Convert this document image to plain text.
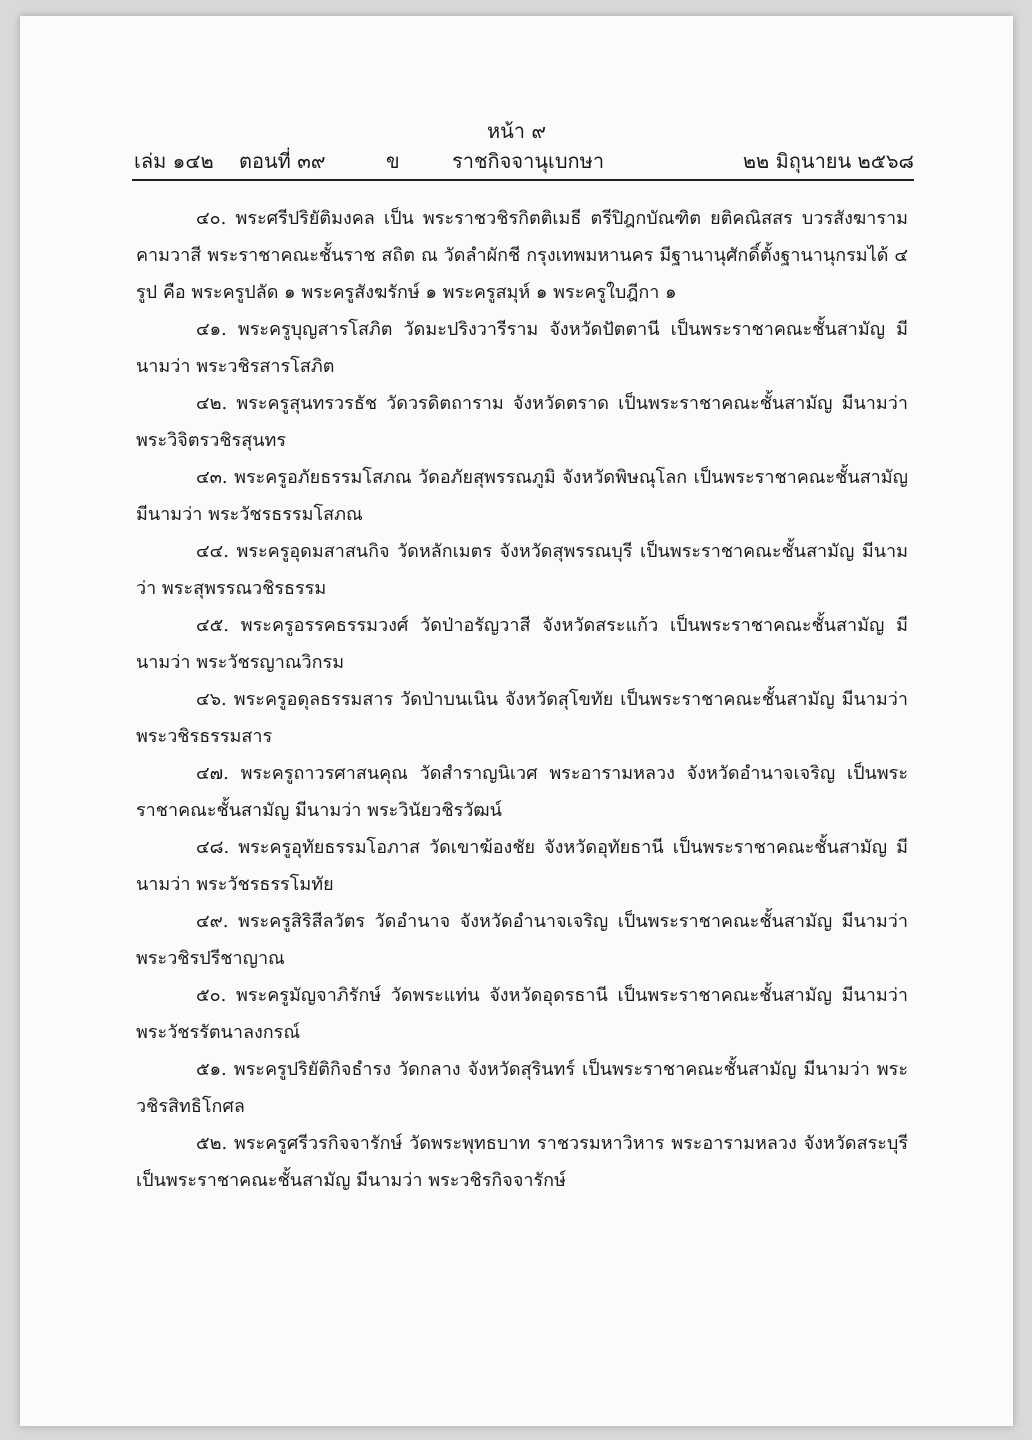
หน้า ๙
เล่ม ๑๔๒ ตอนที่ ๓๙	ข	ราชกิจจานุเบกษา	๒๒ มิถุนายน ๒๕๖๘

๔๐. พระศรีปริยัติมงคล เป็น พระราชวชิรกิตติเมธี ตรีปิฎกบัณฑิต ยติคณิสสร บวรสังฆาราม คามวาสี พระราชาคณะชั้นราช สถิต ณ วัดลำผักชี กรุงเทพมหานคร มีฐานานุศักดิ์ตั้งฐานานุกรมได้ ๔ รูป คือ พระครูปลัด ๑ พระครูสังฆรักษ์ ๑ พระครูสมุห์ ๑ พระครูใบฎีกา ๑

๔๑. พระครูบุญสารโสภิต วัดมะปริงวารีราม จังหวัดปัตตานี เป็นพระราชาคณะชั้นสามัญ มีนามว่า พระวชิรสารโสภิต

๔๒. พระครูสุนทรวรธัช วัดวรดิตถาราม จังหวัดตราด เป็นพระราชาคณะชั้นสามัญ มีนามว่า พระวิจิตรวชิรสุนทร

๔๓. พระครูอภัยธรรมโสภณ วัดอภัยสุพรรณภูมิ จังหวัดพิษณุโลก เป็นพระราชาคณะชั้นสามัญ มีนามว่า พระวัชรธรรมโสภณ

๔๔. พระครูอุดมสาสนกิจ วัดหลักเมตร จังหวัดสุพรรณบุรี เป็นพระราชาคณะชั้นสามัญ มีนามว่า พระสุพรรณวชิรธรรม

๔๕. พระครูอรรคธรรมวงศ์ วัดป่าอรัญวาสี จังหวัดสระแก้ว เป็นพระราชาคณะชั้นสามัญ มีนามว่า พระวัชรญาณวิกรม

๔๖. พระครูอดุลธรรมสาร วัดป่าบนเนิน จังหวัดสุโขทัย เป็นพระราชาคณะชั้นสามัญ มีนามว่า พระวชิรธรรมสาร

๔๗. พระครูถาวรศาสนคุณ วัดสำราญนิเวศ พระอารามหลวง จังหวัดอำนาจเจริญ เป็นพระราชาคณะชั้นสามัญ มีนามว่า พระวินัยวชิรวัฒน์

๔๘. พระครูอุทัยธรรมโอภาส วัดเขาฆ้องชัย จังหวัดอุทัยธานี เป็นพระราชาคณะชั้นสามัญ มีนามว่า พระวัชรธรรโมทัย

๔๙. พระครูสิริสีลวัตร วัดอำนาจ จังหวัดอำนาจเจริญ เป็นพระราชาคณะชั้นสามัญ มีนามว่า พระวชิรปรีชาญาณ

๕๐. พระครูมัญจาภิรักษ์ วัดพระแท่น จังหวัดอุดรธานี เป็นพระราชาคณะชั้นสามัญ มีนามว่า พระวัชรรัตนาลงกรณ์

๕๑. พระครูปริยัติกิจธำรง วัดกลาง จังหวัดสุรินทร์ เป็นพระราชาคณะชั้นสามัญ มีนามว่า พระวชิรสิทธิโกศล

๕๒. พระครูศรีวรกิจจารักษ์ วัดพระพุทธบาท ราชวรมหาวิหาร พระอารามหลวง จังหวัดสระบุรี เป็นพระราชาคณะชั้นสามัญ มีนามว่า พระวชิรกิจจารักษ์
